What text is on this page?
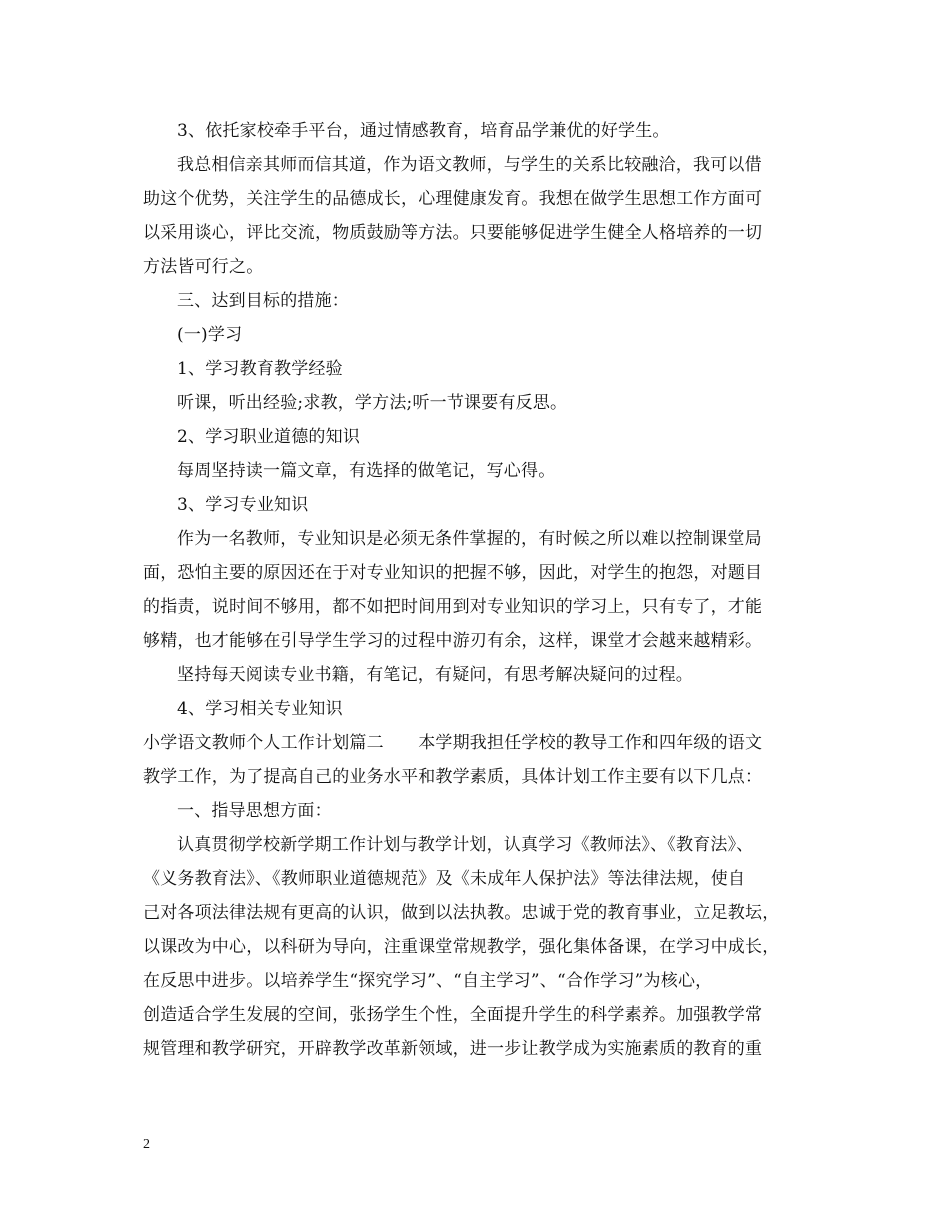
3、依托家校牵手平台，通过情感教育，培育品学兼优的好学生。

我总相信亲其师而信其道，作为语文教师，与学生的关系比较融洽，我可以借

助这个优势，关注学生的品德成长，心理健康发育。我想在做学生思想工作方面可

以采用谈心，评比交流，物质鼓励等方法。只要能够促进学生健全人格培养的一切

方法皆可行之。

三、达到目标的措施：

(一)学习

1、学习教育教学经验

听课，听出经验;求教，学方法;听一节课要有反思。

2、学习职业道德的知识

每周坚持读一篇文章，有选择的做笔记，写心得。

3、学习专业知识

作为一名教师，专业知识是必须无条件掌握的，有时候之所以难以控制课堂局

面，恐怕主要的原因还在于对专业知识的把握不够，因此，对学生的抱怨，对题目

的指责，说时间不够用，都不如把时间用到对专业知识的学习上，只有专了，才能

够精，也才能够在引导学生学习的过程中游刃有余，这样，课堂才会越来越精彩。

坚持每天阅读专业书籍，有笔记，有疑问，有思考解决疑问的过程。

4、学习相关专业知识

小学语文教师个人工作计划篇二　　本学期我担任学校的教导工作和四年级的语文

教学工作，为了提高自己的业务水平和教学素质，具体计划工作主要有以下几点：

一、指导思想方面：

认真贯彻学校新学期工作计划与教学计划，认真学习《教师法》、《教育法》、

《义务教育法》、《教师职业道德规范》及《未成年人保护法》等法律法规，使自

己对各项法律法规有更高的认识，做到以法执教。忠诚于党的教育事业，立足教坛，

以课改为中心，以科研为导向，注重课堂常规教学，强化集体备课，在学习中成长，

在反思中进步。以培养学生“探究学习”、“自主学习”、“合作学习”为核心，

创造适合学生发展的空间，张扬学生个性，全面提升学生的科学素养。加强教学常

规管理和教学研究，开辟教学改革新领域，进一步让教学成为实施素质的教育的重

2
